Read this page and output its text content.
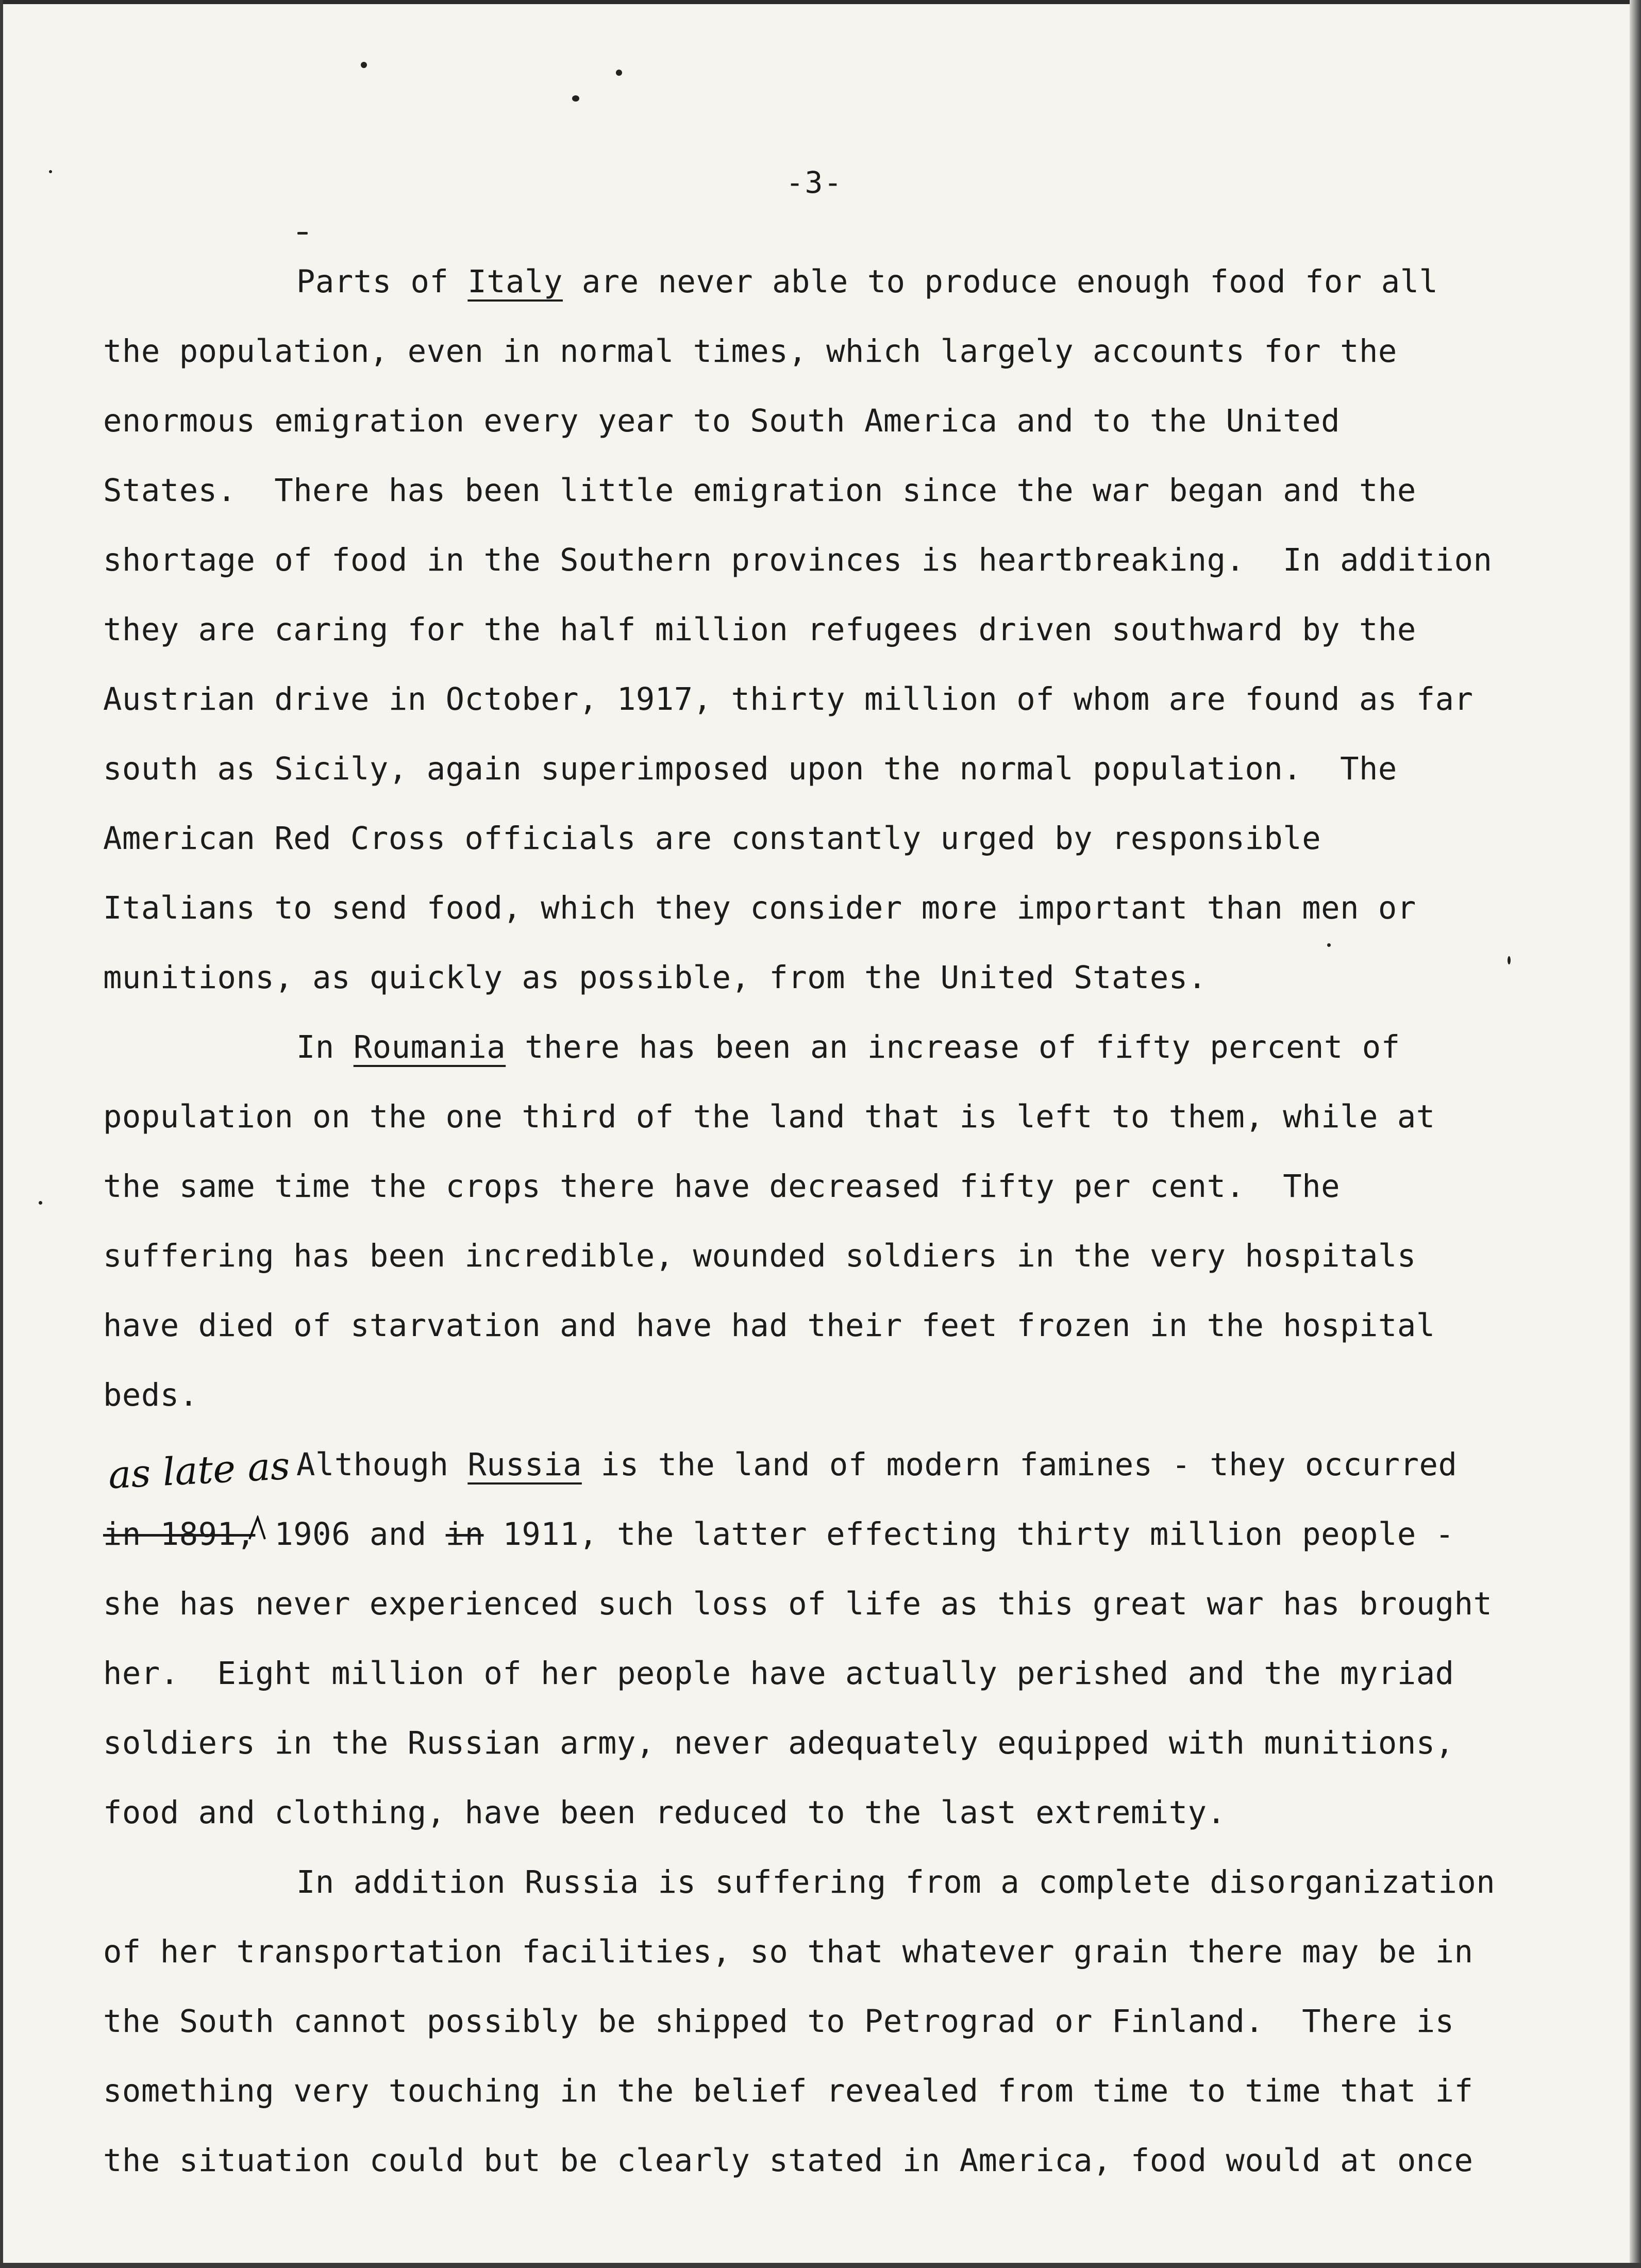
-3-
Parts of Italy are never able to produce enough food for all
the population, even in normal times, which largely accounts for the
enormous emigration every year to South America and to the United
States.  There has been little emigration since the war began and the
shortage of food in the Southern provinces is heartbreaking.  In addition
they are caring for the half million refugees driven southward by the
Austrian drive in October, 1917, thirty million of whom are found as far
south as Sicily, again superimposed upon the normal population.  The
American Red Cross officials are constantly urged by responsible
Italians to send food, which they consider more important than men or
munitions, as quickly as possible, from the United States.
In Roumania there has been an increase of fifty percent of
population on the one third of the land that is left to them, while at
the same time the crops there have decreased fifty per cent.  The
suffering has been incredible, wounded soldiers in the very hospitals
have died of starvation and have had their feet frozen in the hospital
beds.
Although Russia is the land of modern famines - they occurred
in 1891, 1906 and in 1911, the latter effecting thirty million people -
she has never experienced such loss of life as this great war has brought
her.  Eight million of her people have actually perished and the myriad
soldiers in the Russian army, never adequately equipped with munitions,
food and clothing, have been reduced to the last extremity.
In addition Russia is suffering from a complete disorganization
of her transportation facilities, so that whatever grain there may be in
the South cannot possibly be shipped to Petrograd or Finland.  There is
something very touching in the belief revealed from time to time that if
the situation could but be clearly stated in America, food would at once
as late as
